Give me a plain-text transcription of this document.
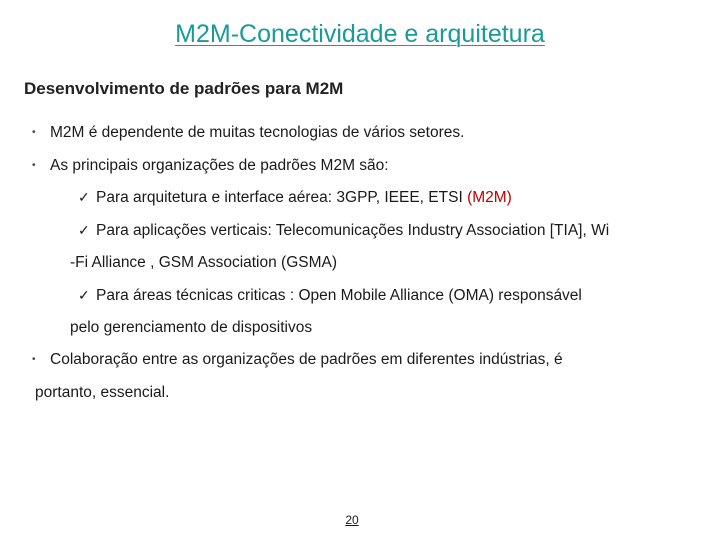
M2M-Conectividade e arquitetura
Desenvolvimento de padrões para M2M
• M2M é dependente de muitas tecnologias de vários setores.
• As principais organizações de padrões M2M são:
✓ Para arquitetura e interface aérea: 3GPP, IEEE, ETSI (M2M)
✓ Para aplicações verticais: Telecomunicações Industry Association [TIA], Wi
-Fi Alliance , GSM Association (GSMA)
✓ Para áreas técnicas criticas : Open Mobile Alliance (OMA) responsável
pelo gerenciamento de dispositivos
• Colaboração entre as organizações de padrões em diferentes indústrias, é
portanto, essencial.
20
